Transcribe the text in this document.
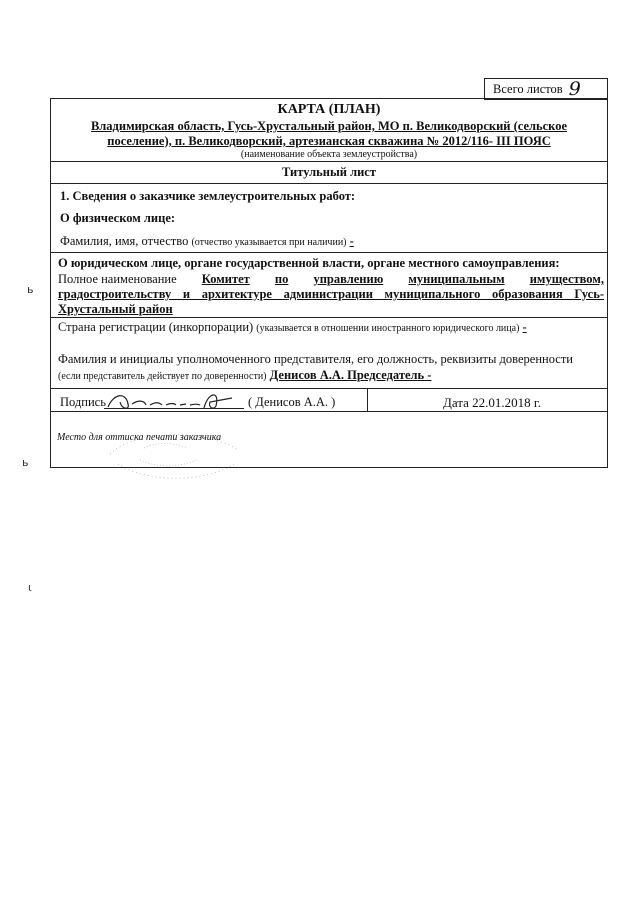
Всего листов 9
КАРТА (ПЛАН)
Владимирская область, Гусь-Хрустальный район, МО п. Великодворский (сельское
поселение), п. Великодворский, артезианская скважина № 2012/116- III ПОЯС
(наименование объекта землеустройства)
Титульный лист
1. Сведения о заказчике землеустроительных работ:
О физическом лице:
Фамилия, имя, отчество (отчество указывается при наличии) -
О юридическом лице, органе государственной власти, органе местного самоуправления:
Полное наименование Комитет по управлению муниципальным имуществом,
градостроительству и архитектуре администрации муниципального образования Гусь-
Хрустальный район
Страна регистрации (инкорпорации) (указывается в отношении иностранного юридического лица) -
Фамилия и инициалы уполномоченного представителя, его должность, реквизиты доверенности
(если представитель действует по доверенности) Денисов А.А. Председатель -
Подпись	( Денисов А.А. )	Дата 22.01.2018 г.
Место для оттиска печати заказчика
ь
ь
ι
